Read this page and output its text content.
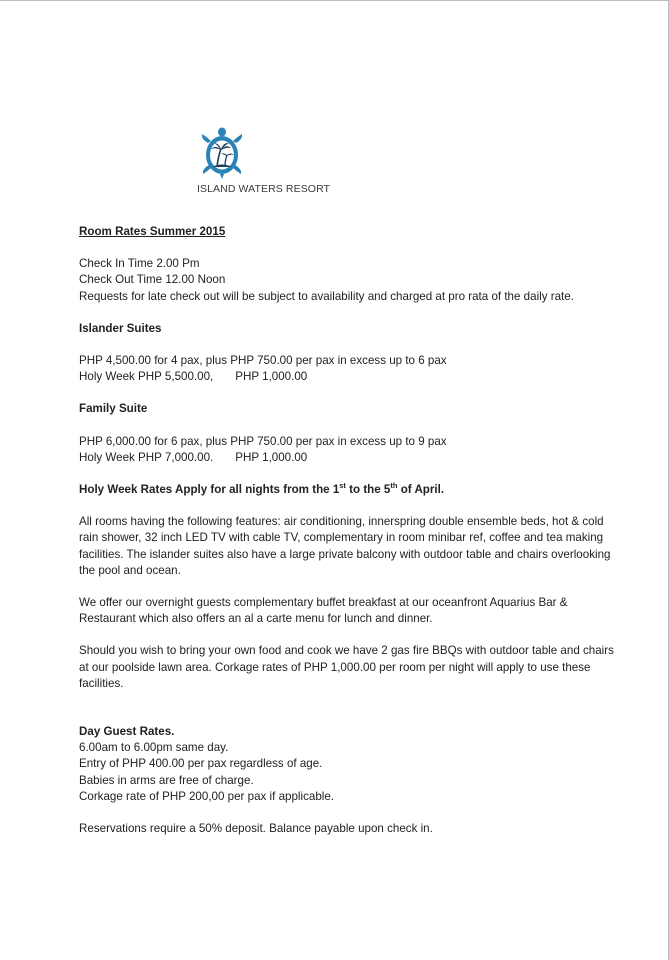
ISLAND WATERS RESORT

Room Rates Summer 2015

Check In Time 2.00 Pm

Check Out Time 12.00 Noon

Requests for late check out will be subject to availability and charged at pro rata of the daily rate.

Islander Suites

PHP 4,500.00 for 4 pax, plus PHP 750.00 per pax in excess up to 6 pax

Holy Week PHP 5,500.00, PHP 1,000.00

Family Suite

PHP 6,000.00 for 6 pax, plus PHP 750.00 per pax in excess up to 9 pax

Holy Week PHP 7,000.00. PHP 1,000.00

Holy Week Rates Apply for all nights from the 1st to the 5th of April.

All rooms having the following features: air conditioning, innerspring double ensemble beds, hot & cold rain shower, 32 inch LED TV with cable TV, complementary in room minibar ref, coffee and tea making facilities. The islander suites also have a large private balcony with outdoor table and chairs overlooking the pool and ocean.

We offer our overnight guests complementary buffet breakfast at our oceanfront Aquarius Bar & Restaurant which also offers an al a carte menu for lunch and dinner.

Should you wish to bring your own food and cook we have 2 gas fire BBQs with outdoor table and chairs at our poolside lawn area. Corkage rates of PHP 1,000.00 per room per night will apply to use these facilities.

Day Guest Rates.

6.00am to 6.00pm same day.

Entry of PHP 400.00 per pax regardless of age.

Babies in arms are free of charge.

Corkage rate of PHP 200,00 per pax if applicable.

Reservations require a 50% deposit. Balance payable upon check in.
